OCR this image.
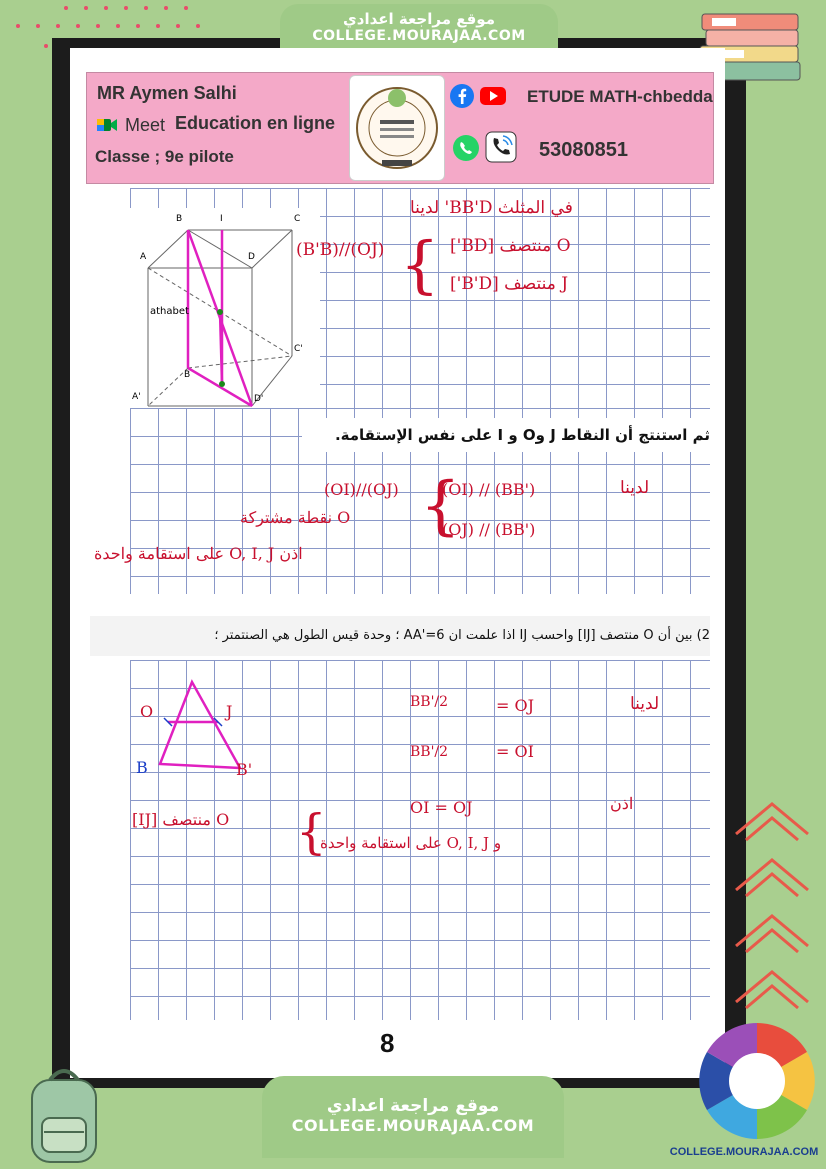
موقع مراجعة اعدادي
COLLEGE.MOURAJAA.COM
MR Aymen Salhi
Meet Education en ligne
Classe ; 9e pilote
ETUDE MATH-chbedda
53080851
B	I	C
A	D
athabet
B
C'
A'	D'
في المثلث BB'D' لدينا
(B'B)//(OJ) { O منتصف [BD']
J منتصف [B'D']
ثم استنتج أن النقاط J وO و I على نفس الإستقامة.
لدينا
(OI)//(OJ) {
(OI) // (BB')
(OJ) // (BB')
O نقطة مشتركة
اذن O, I, J على استقامة واحدة
2) بين أن O منتصف [IJ] واحسب IJ اذا علمت ان AA'=6 ؛ وحدة قيس الطول هي الصنتمتر ؛
O	J
B	B'
لدينا
BB'/2	= OJ
BB'/2	= OI
OI = OJ	اذن
O منتصف [IJ] {
و O, I, J على استقامة واحدة
8
COLLEGE.MOURAJAA.COM
موقع مراجعة اعدادي
COLLEGE.MOURAJAA.COM
